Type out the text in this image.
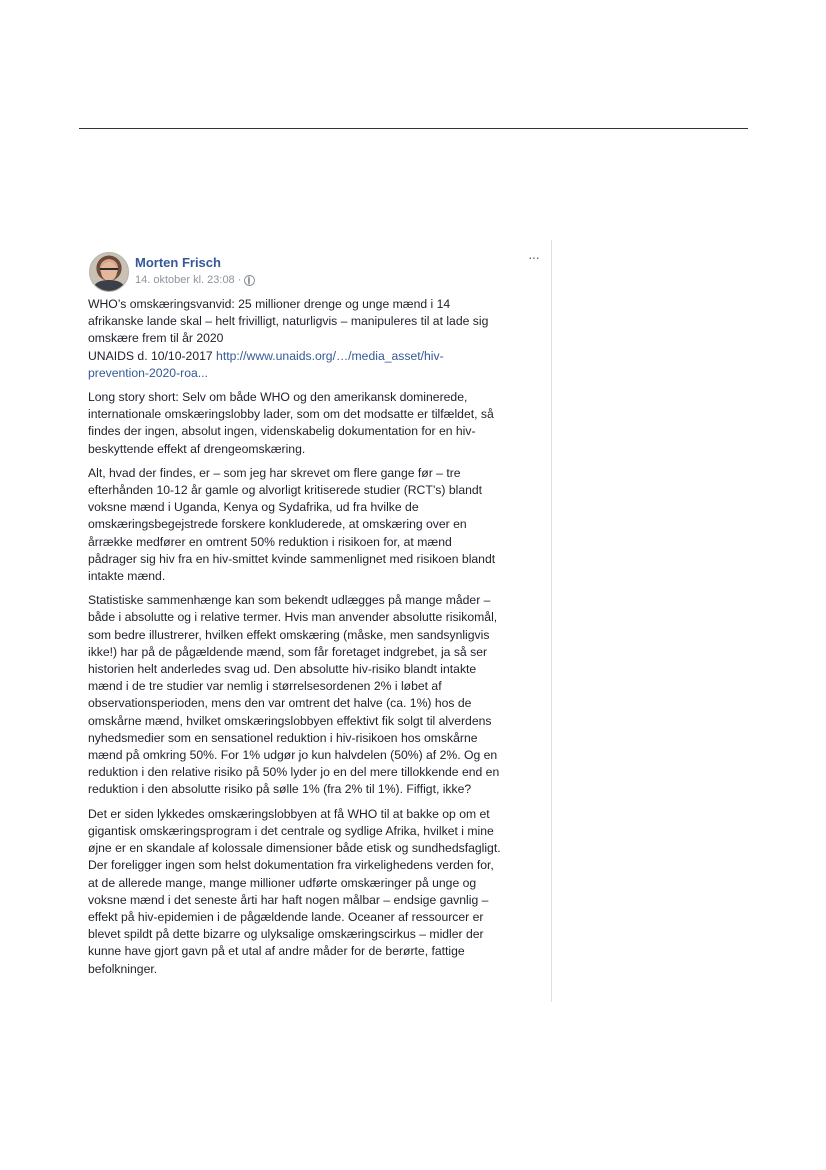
Morten Frisch
14. oktober kl. 23:08 ·
···

WHO’s omskæringsvanvid: 25 millioner drenge og unge mænd i 14
afrikanske lande skal – helt frivilligt, naturligvis – manipuleres til at lade sig
omskære frem til år 2020
UNAIDS d. 10/10-2017 http://www.unaids.org/…/media_asset/hiv-
prevention-2020-roa...

Long story short: Selv om både WHO og den amerikansk dominerede,
internationale omskæringslobby lader, som om det modsatte er tilfældet, så
findes der ingen, absolut ingen, videnskabelig dokumentation for en hiv-
beskyttende effekt af drengeomskæring.

Alt, hvad der findes, er – som jeg har skrevet om flere gange før – tre
efterhånden 10-12 år gamle og alvorligt kritiserede studier (RCT’s) blandt
voksne mænd i Uganda, Kenya og Sydafrika, ud fra hvilke de
omskæringsbegejstrede forskere konkluderede, at omskæring over en
årrække medfører en omtrent 50% reduktion i risikoen for, at mænd
pådrager sig hiv fra en hiv-smittet kvinde sammenlignet med risikoen blandt
intakte mænd.

Statistiske sammenhænge kan som bekendt udlægges på mange måder –
både i absolutte og i relative termer. Hvis man anvender absolutte risikomål,
som bedre illustrerer, hvilken effekt omskæring (måske, men sandsynligvis
ikke!) har på de pågældende mænd, som får foretaget indgrebet, ja så ser
historien helt anderledes svag ud. Den absolutte hiv-risiko blandt intakte
mænd i de tre studier var nemlig i størrelsesordenen 2% i løbet af
observationsperioden, mens den var omtrent det halve (ca. 1%) hos de
omskårne mænd, hvilket omskæringslobbyen effektivt fik solgt til alverdens
nyhedsmedier som en sensationel reduktion i hiv-risikoen hos omskårne
mænd på omkring 50%. For 1% udgør jo kun halvdelen (50%) af 2%. Og en
reduktion i den relative risiko på 50% lyder jo en del mere tillokkende end en
reduktion i den absolutte risiko på sølle 1% (fra 2% til 1%). Fiffigt, ikke?

Det er siden lykkedes omskæringslobbyen at få WHO til at bakke op om et
gigantisk omskæringsprogram i det centrale og sydlige Afrika, hvilket i mine
øjne er en skandale af kolossale dimensioner både etisk og sundhedsfagligt.
Der foreligger ingen som helst dokumentation fra virkelighedens verden for,
at de allerede mange, mange millioner udførte omskæringer på unge og
voksne mænd i det seneste årti har haft nogen målbar – endsige gavnlig –
effekt på hiv-epidemien i de pågældende lande. Oceaner af ressourcer er
blevet spildt på dette bizarre og ulyksalige omskæringscirkus – midler der
kunne have gjort gavn på et utal af andre måder for de berørte, fattige
befolkninger.
